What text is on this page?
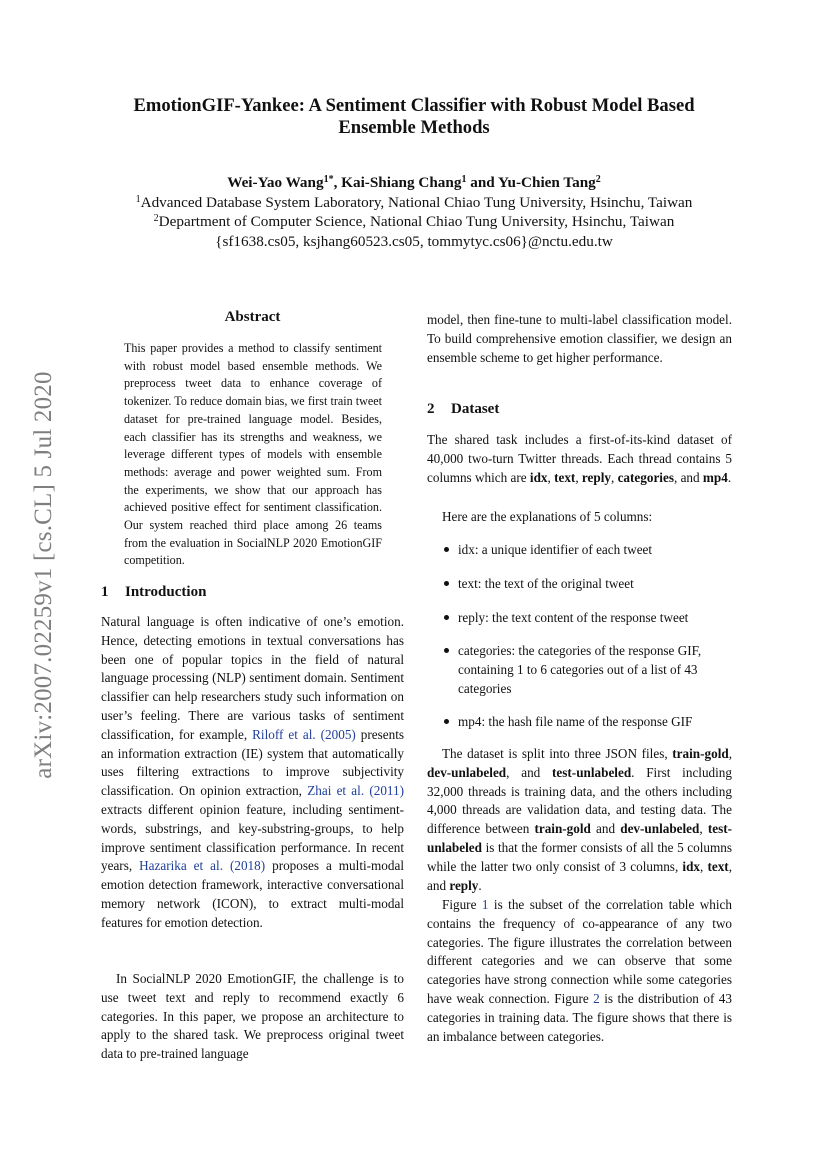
arXiv:2007.02259v1 [cs.CL] 5 Jul 2020
EmotionGIF-Yankee: A Sentiment Classifier with Robust Model Based
Ensemble Methods
Wei-Yao Wang$^{1*}$, Kai-Shiang Chang$^1$ and Yu-Chien Tang$^2$
$^1$Advanced Database System Laboratory, National Chiao Tung University, Hsinchu, Taiwan
$^2$Department of Computer Science, National Chiao Tung University, Hsinchu, Taiwan
{sf1638.cs05, ksjhang60523.cs05, tommytyc.cs06}@nctu.edu.tw
Abstract

This paper provides a method to classify sentiment with robust model based ensemble methods. We preprocess tweet data to enhance coverage of tokenizer. To reduce domain bias, we first train tweet dataset for pre-trained language model. Besides, each classifier has its strengths and weakness, we leverage different types of models with ensemble methods: average and power weighted sum. From the experiments, we show that our approach has achieved positive effect for sentiment classification. Our system reached third place among 26 teams from the evaluation in SocialNLP 2020 EmotionGIF competition.

1 Introduction

Natural language is often indicative of one’s emotion. Hence, detecting emotions in textual conversations has been one of popular topics in the field of natural language processing (NLP) sentiment domain. Sentiment classifier can help researchers study such information on user’s feeling. There are various tasks of sentiment classification, for example, Riloff et al. (2005) presents an information extraction (IE) system that automatically uses filtering extractions to improve subjectivity classification. On opinion extraction, Zhai et al. (2011) extracts different opinion feature, including sentiment-words, substrings, and key-substring-groups, to help improve sentiment classification performance. In recent years, Hazarika et al. (2018) proposes a multi-modal emotion detection framework, interactive conversational memory network (ICON), to extract multi-modal features for emotion detection.

In SocialNLP 2020 EmotionGIF, the challenge is to use tweet text and reply to recommend exactly 6 categories. In this paper, we propose an architecture to apply to the shared task. We preprocess original tweet data to pre-trained language

model, then fine-tune to multi-label classification model. To build comprehensive emotion classifier, we design an ensemble scheme to get higher performance.

2 Dataset

The shared task includes a first-of-its-kind dataset of 40,000 two-turn Twitter threads. Each thread contains 5 columns which are idx, text, reply, categories, and mp4.

Here are the explanations of 5 columns:

idx: a unique identifier of each tweet
text: the text of the original tweet
reply: the text content of the response tweet
categories: the categories of the response GIF, containing 1 to 6 categories out of a list of 43 categories
mp4: the hash file name of the response GIF

The dataset is split into three JSON files, train-gold, dev-unlabeled, and test-unlabeled. First including 32,000 threads is training data, and the others including 4,000 threads are validation data, and testing data. The difference between train-gold and dev-unlabeled, test-unlabeled is that the former consists of all the 5 columns while the latter two only consist of 3 columns, idx, text, and reply.

Figure 1 is the subset of the correlation table which contains the frequency of co-appearance of any two categories. The figure illustrates the correlation between different categories and we can observe that some categories have strong connection while some categories have weak connection. Figure 2 is the distribution of 43 categories in training data. The figure shows that there is an imbalance between categories.
